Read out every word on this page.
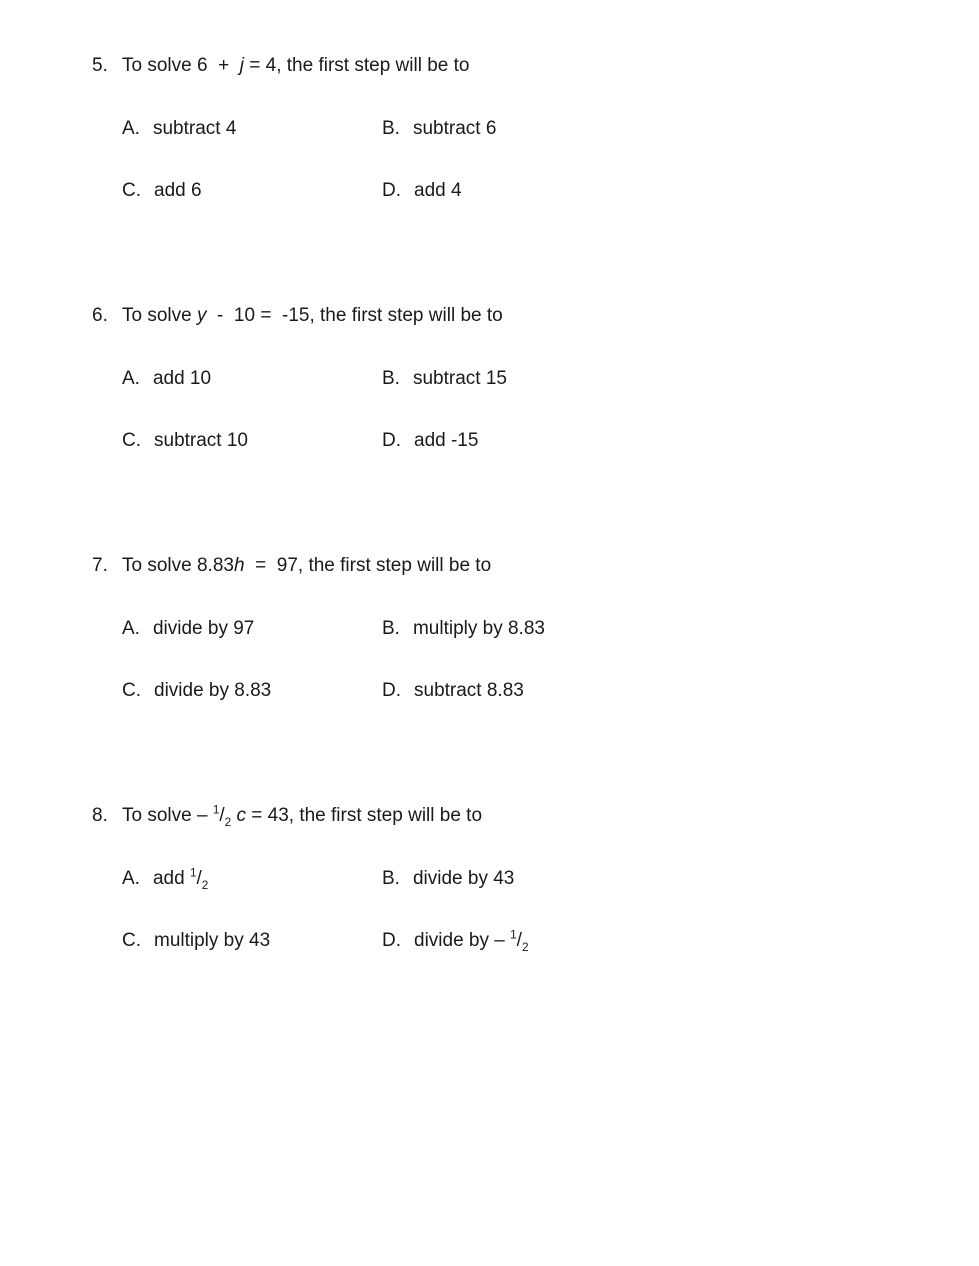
5. To solve 6  +  j = 4, the first step will be to
A. subtract 4	B. subtract 6
C. add 6	D. add 4
6. To solve y  -  10 =  -15, the first step will be to
A. add 10	B. subtract 15
C. subtract 10	D. add -15
7. To solve 8.83h  =  97, the first step will be to
A. divide by 97	B. multiply by 8.83
C. divide by 8.83	D. subtract 8.83
8. To solve – $^1/_2$ c = 43, the first step will be to
A. add $^1/_2$	B. divide by 43
C. multiply by 43	D. divide by – $^1/_2$
